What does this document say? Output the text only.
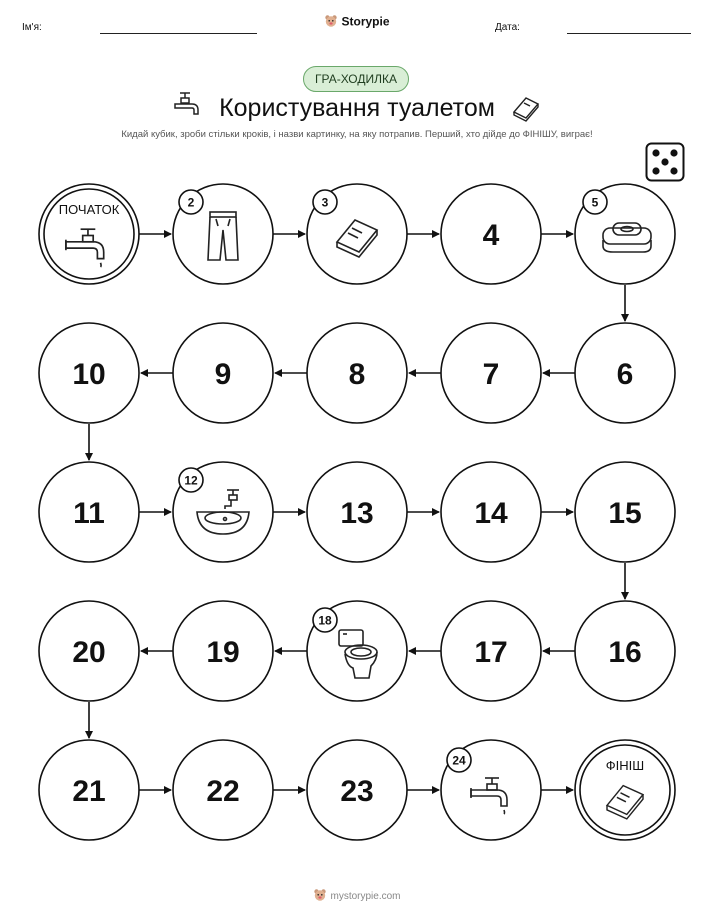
Ім'я:	Storypie	Дата:
ГРА-ХОДИЛКА
Користування туалетом
Кидай кубик, зроби стільки кроків, і назви картинку, на яку потрапив. Перший, хто дійде до ФІНІШУ, виграє!
ПОЧАТОК	2	3
4
5
10	9	8	7	6
11
12
13	14	15
20	19
18
17	16
21	22	23
24	ФІНІШ
mystorypie.com
